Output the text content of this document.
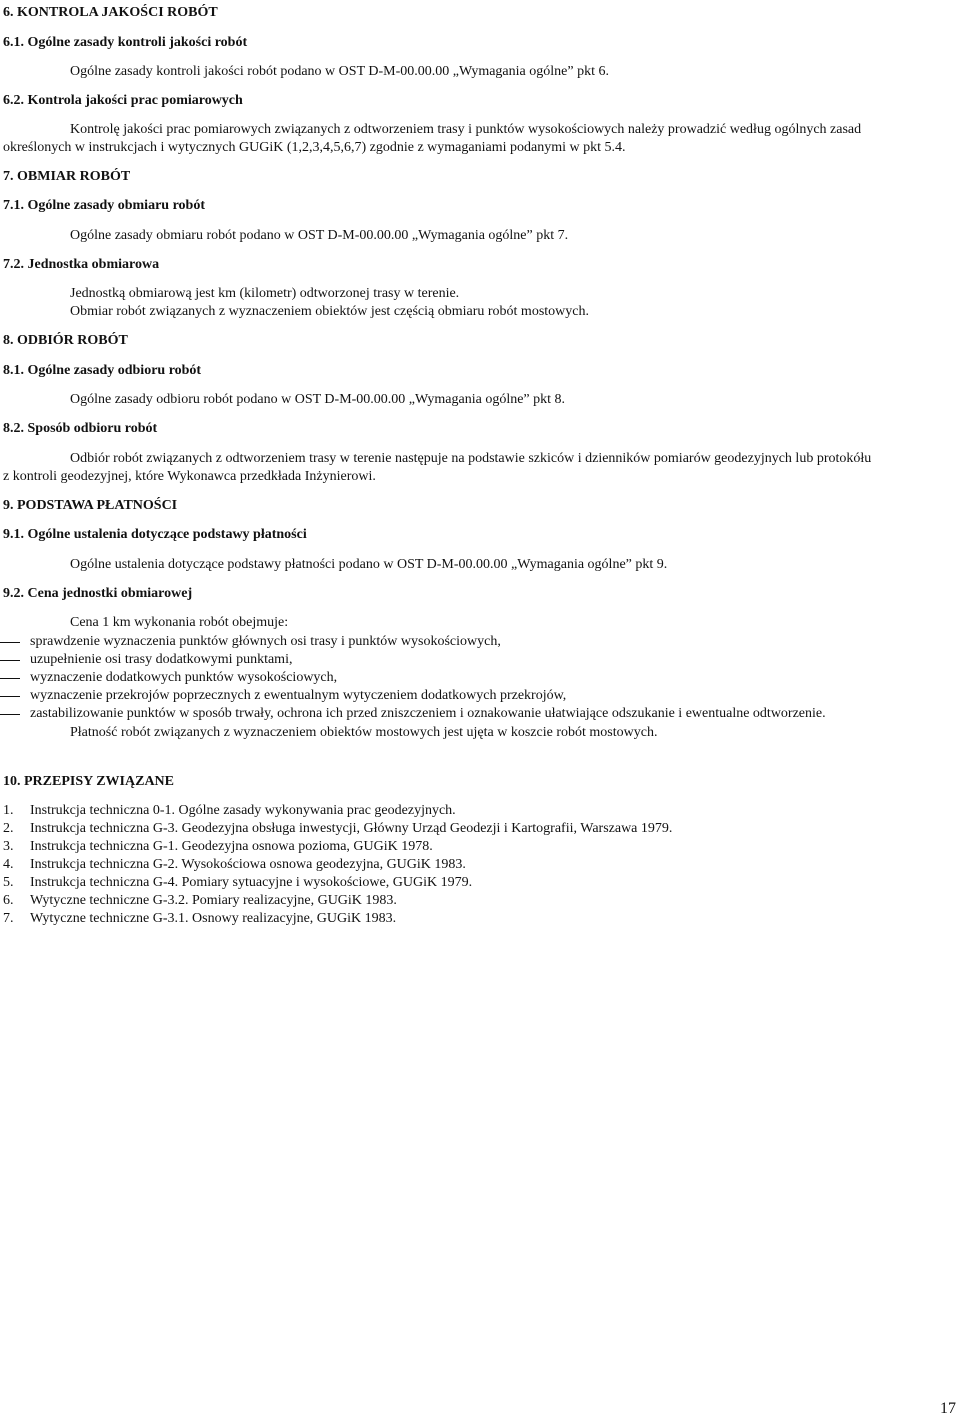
6. KONTROLA JAKOŚCI ROBÓT
6.1. Ogólne zasady kontroli jakości robót
Ogólne zasady kontroli jakości robót podano w OST D-M-00.00.00 „Wymagania ogólne” pkt 6.
6.2. Kontrola jakości prac pomiarowych
Kontrolę jakości prac pomiarowych związanych z odtworzeniem trasy i punktów wysokościowych należy prowadzić według ogólnych zasad
określonych w instrukcjach i wytycznych GUGiK (1,2,3,4,5,6,7) zgodnie z wymaganiami podanymi w pkt 5.4.
7. OBMIAR ROBÓT
7.1. Ogólne zasady obmiaru robót
Ogólne zasady obmiaru robót podano w OST D-M-00.00.00 „Wymagania ogólne” pkt 7.
7.2. Jednostka obmiarowa
Jednostką obmiarową jest km (kilometr) odtworzonej trasy w terenie.
Obmiar robót związanych z wyznaczeniem obiektów jest częścią obmiaru robót mostowych.
8. ODBIÓR ROBÓT
8.1. Ogólne zasady odbioru robót
Ogólne zasady odbioru robót podano w OST D-M-00.00.00 „Wymagania ogólne” pkt 8.
8.2. Sposób odbioru robót
Odbiór robót związanych z odtworzeniem trasy w terenie następuje na podstawie szkiców i dzienników pomiarów geodezyjnych lub protokółu
z kontroli geodezyjnej, które Wykonawca przedkłada Inżynierowi.
9. PODSTAWA PŁATNOŚCI
9.1. Ogólne ustalenia dotyczące podstawy płatności
Ogólne ustalenia dotyczące podstawy płatności podano w OST D-M-00.00.00 „Wymagania ogólne” pkt 9.
9.2. Cena jednostki obmiarowej
Cena 1 km wykonania robót obejmuje:
sprawdzenie wyznaczenia punktów głównych osi trasy i punktów wysokościowych,
uzupełnienie osi trasy dodatkowymi punktami,
wyznaczenie dodatkowych punktów wysokościowych,
wyznaczenie przekrojów poprzecznych z ewentualnym wytyczeniem dodatkowych przekrojów,
zastabilizowanie punktów w sposób trwały, ochrona ich przed zniszczeniem i oznakowanie ułatwiające odszukanie i ewentualne odtworzenie.
Płatność robót związanych z wyznaczeniem obiektów mostowych jest ujęta w koszcie robót mostowych.
10. PRZEPISY ZWIĄZANE
1. Instrukcja techniczna 0-1. Ogólne zasady wykonywania prac geodezyjnych.
2. Instrukcja techniczna G-3. Geodezyjna obsługa inwestycji, Główny Urząd Geodezji i Kartografii, Warszawa 1979.
3. Instrukcja techniczna G-1. Geodezyjna osnowa pozioma, GUGiK 1978.
4. Instrukcja techniczna G-2. Wysokościowa osnowa geodezyjna, GUGiK 1983.
5. Instrukcja techniczna G-4. Pomiary sytuacyjne i wysokościowe, GUGiK 1979.
6. Wytyczne techniczne G-3.2. Pomiary realizacyjne, GUGiK 1983.
7. Wytyczne techniczne G-3.1. Osnowy realizacyjne, GUGiK 1983.
17
